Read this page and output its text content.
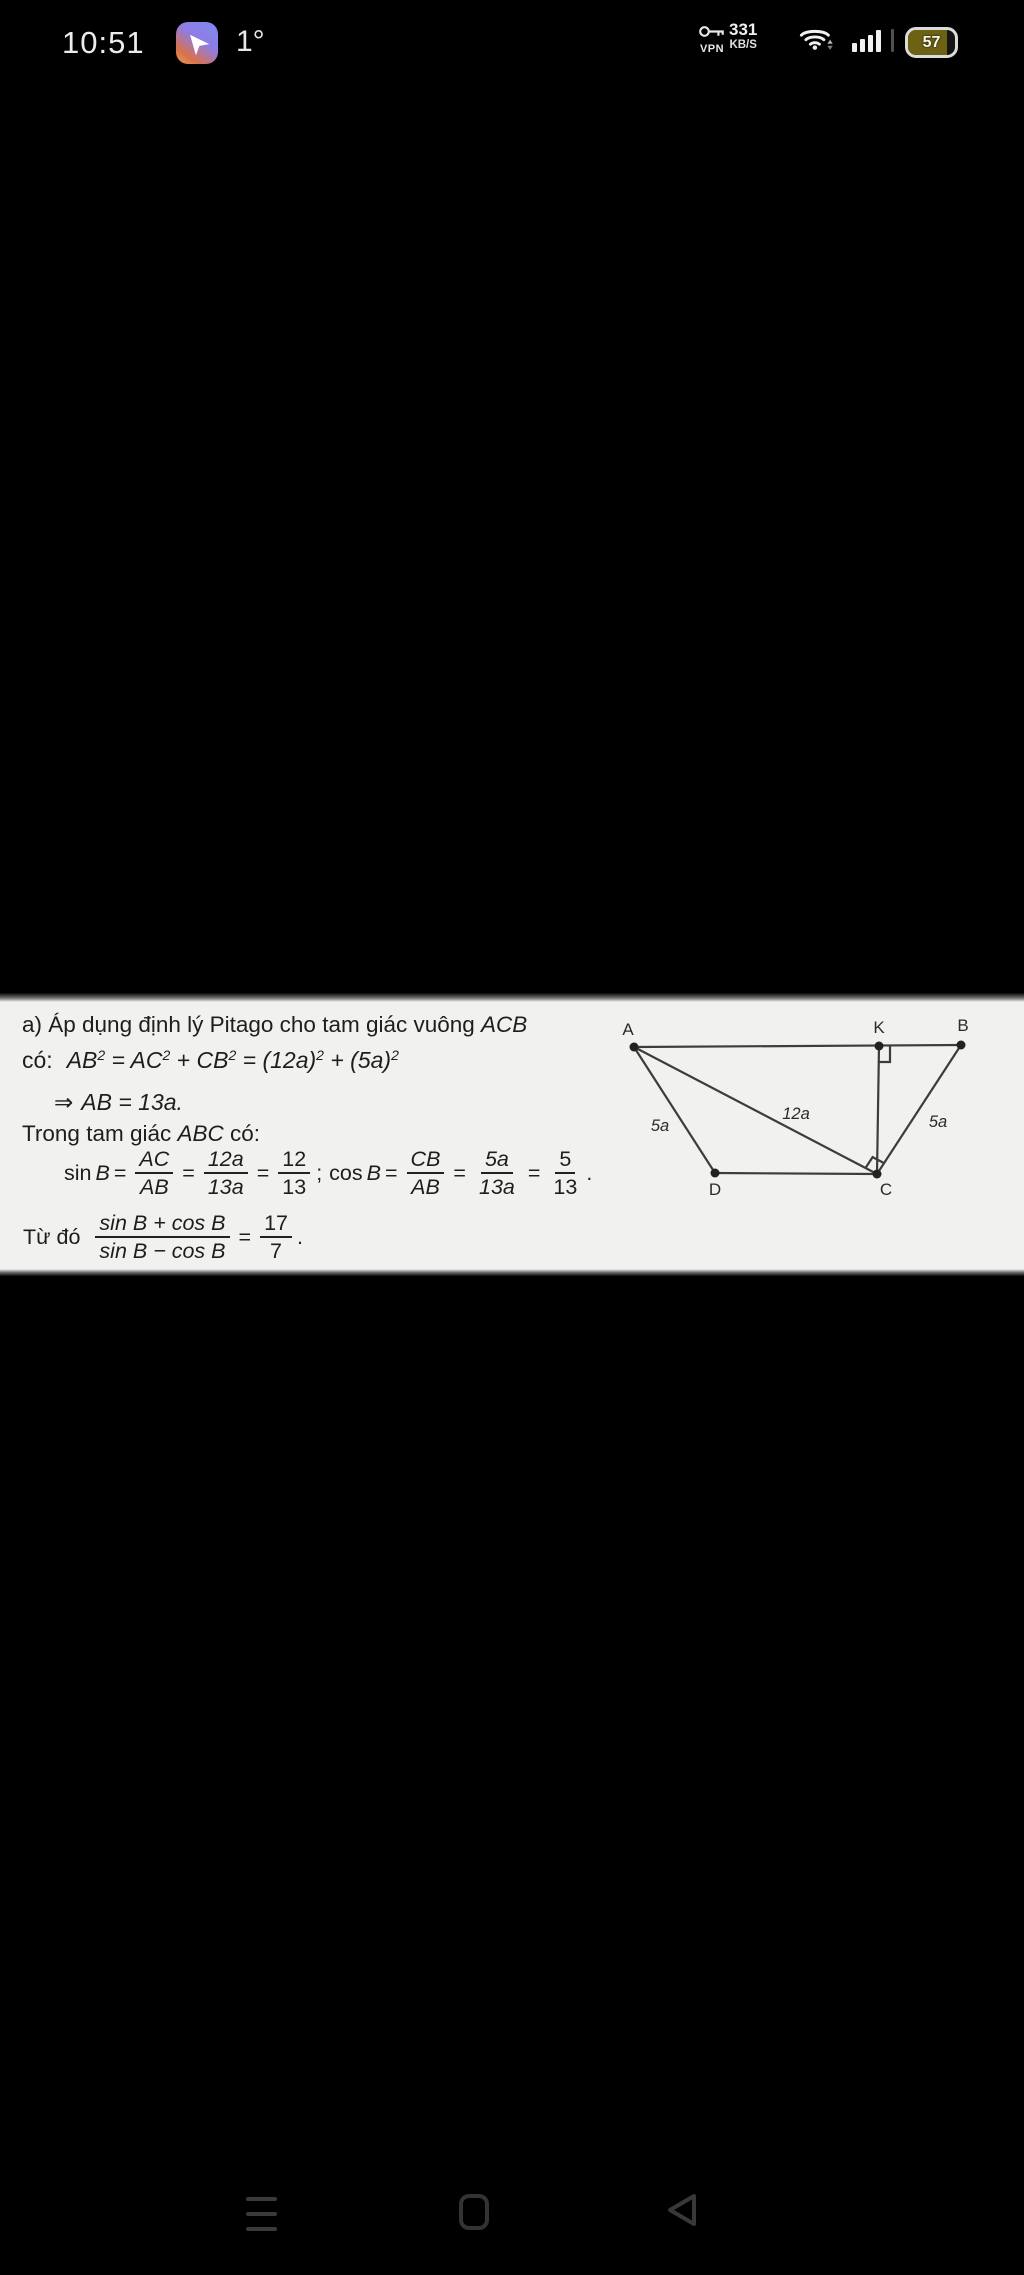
10:51	1°	VPN
331
KB/S	57
a) Áp dụng định lý Pitago cho tam giác vuông ACB
có: $AB^2 = AC^2 + CB^2 = (12a)^2 + (5a)^2$
⇒ AB = 13a.
Trong tam giác ABC có:
$\sin B = \frac{AC}{AB} = \frac{12a}{13a} = \frac{12}{13}$ ; $\cos B = \frac{CB}{AB} = \frac{5a}{13a} = \frac{5}{13}$ .
Từ đó $\frac{\text{sin B + cos B}}{\text{sin B − cos B}} = \frac{17}{7}$ .
A	K	B
D	C
5a
12a	5a
